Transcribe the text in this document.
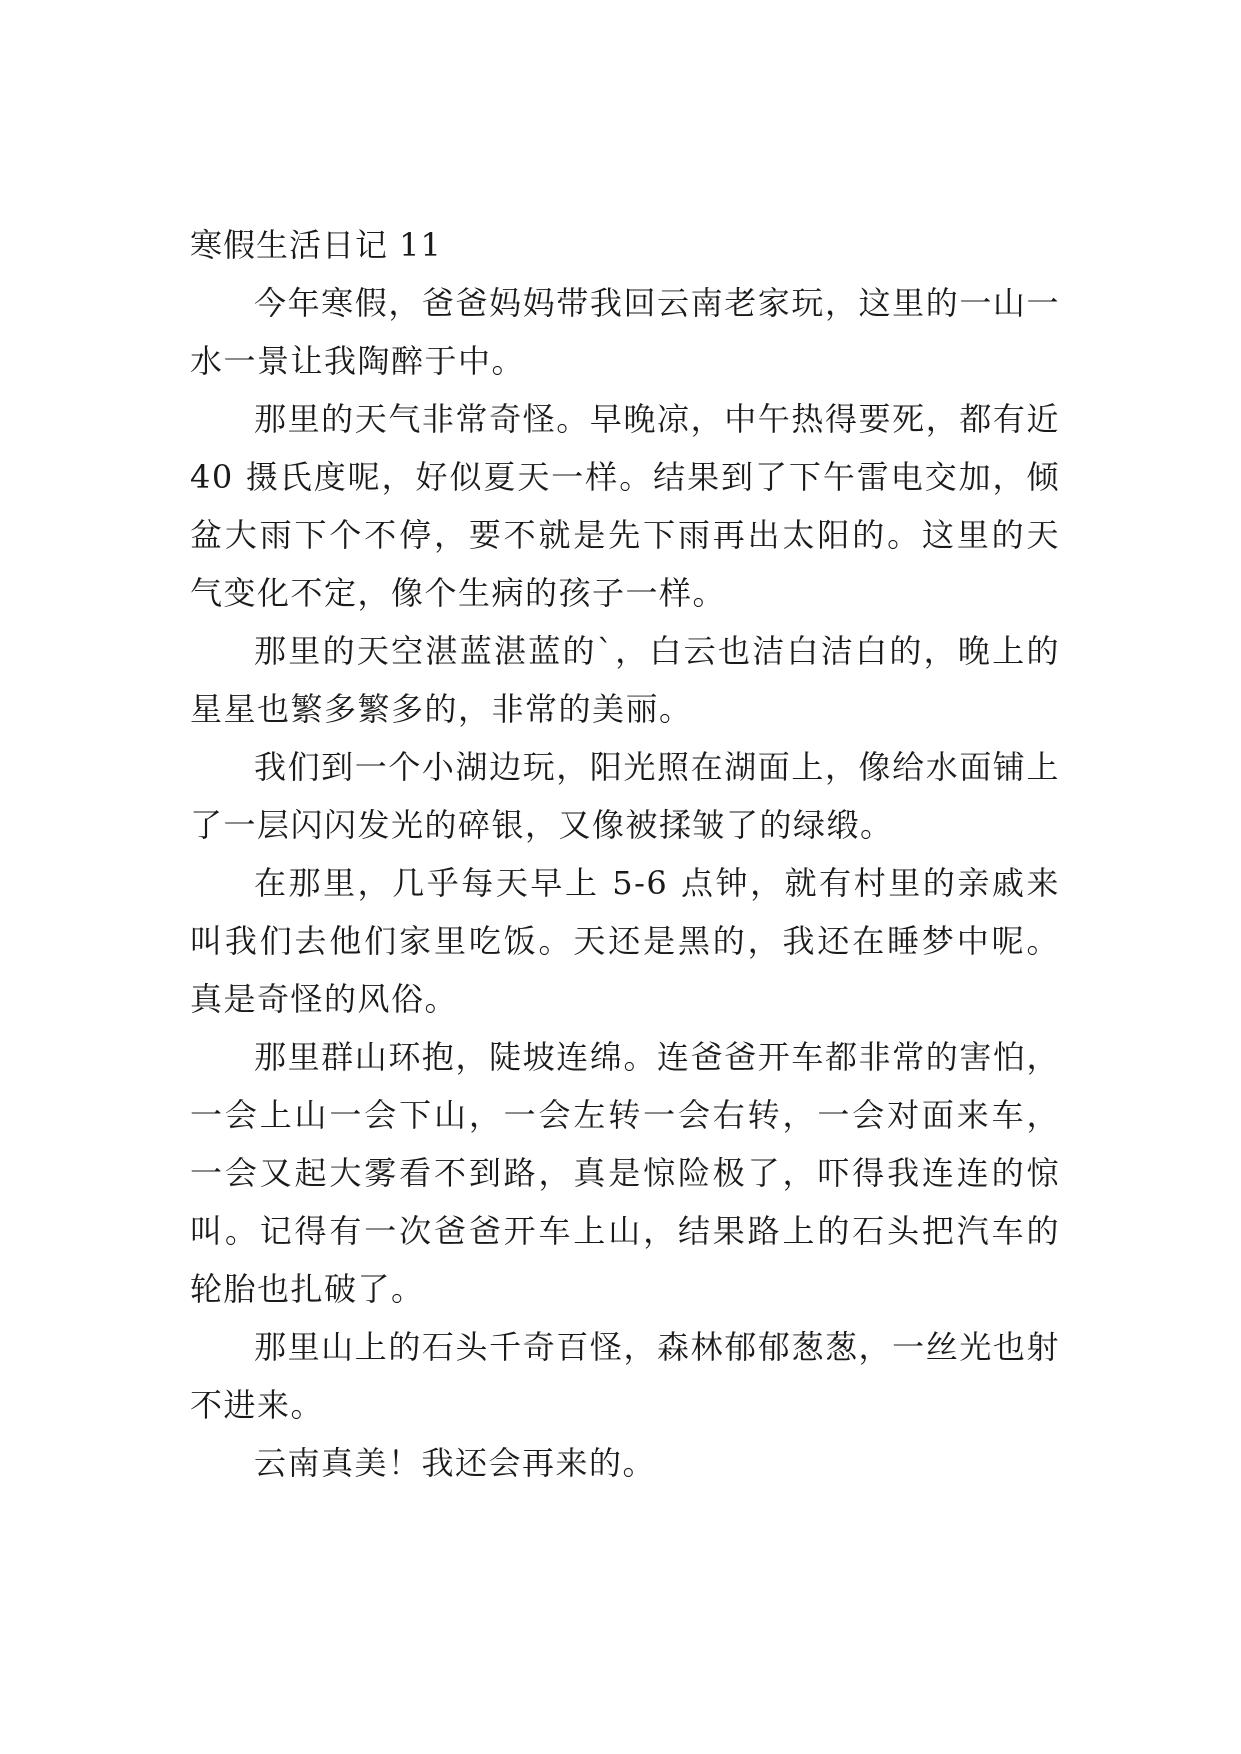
寒假生活日记 11

今年寒假，爸爸妈妈带我回云南老家玩，这里的一山一水一景让我陶醉于中。

那里的天气非常奇怪。早晚凉，中午热得要死，都有近 40 摄氏度呢，好似夏天一样。结果到了下午雷电交加，倾盆大雨下个不停，要不就是先下雨再出太阳的。这里的天气变化不定，像个生病的孩子一样。

那里的天空湛蓝湛蓝的`，白云也洁白洁白的，晚上的星星也繁多繁多的，非常的美丽。

我们到一个小湖边玩，阳光照在湖面上，像给水面铺上了一层闪闪发光的碎银，又像被揉皱了的绿缎。

在那里，几乎每天早上 5-6 点钟，就有村里的亲戚来叫我们去他们家里吃饭。天还是黑的，我还在睡梦中呢。真是奇怪的风俗。

那里群山环抱，陡坡连绵。连爸爸开车都非常的害怕，一会上山一会下山，一会左转一会右转，一会对面来车，一会又起大雾看不到路，真是惊险极了，吓得我连连的惊叫。记得有一次爸爸开车上山，结果路上的石头把汽车的轮胎也扎破了。

那里山上的石头千奇百怪，森林郁郁葱葱，一丝光也射不进来。

云南真美！我还会再来的。
